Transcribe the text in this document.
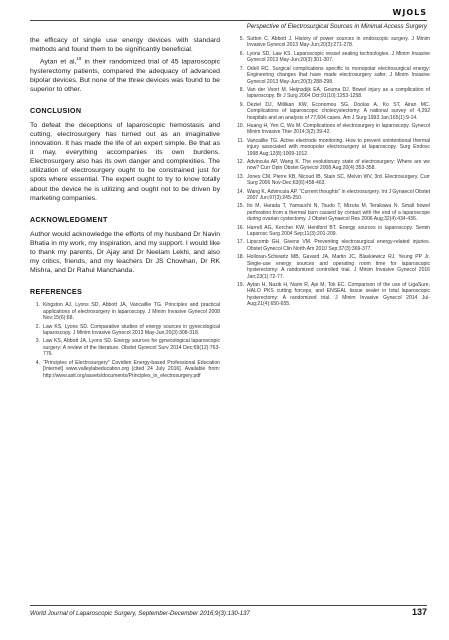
WJOLS
Perspective of Electrosurgical Sources in Minimal Access Surgery

the efficacy of single use energy devices with standard methods and found them to be significantly beneficial.

Aytan et al,$^{19}$ in their randomized trial of 45 laparoscopic hysterectomy patients, compared the adequacy of advanced bipolar devices. But none of the three devices was found to be superior to other.

CONCLUSION

To defeat the deceptions of laparoscopic hemostasis and cutting, electrosurgery has turned out as an imaginative innovation. It has made the life of an expert simple. Be that as it may, everything accompanies its own burdens. Electrosurgery also has its own danger and complexities. The utilization of electrosurgery ought to be constrained just for spots where essential. The expert ought to try to know totally about the device he is utilizing and ought not to be driven by marketing companies.

ACKNOWLEDGMENT

Author would acknowledge the efforts of my husband Dr Navin Bhatia in my work, my inspiration, and my support. I would like to thank my parents, Dr Ajay and Dr Neelam Lekhi, and also my critics, friends, and my teachers Dr JS Chowhan, Dr RK Mishra, and Dr Rahul Manchanda.

REFERENCES
1. Kingston AJ, Lyons SD, Abbott JA, Vancaillie TG. Principles and practical applications of electrosurgery in laparoscopy. J Minim Invasive Gynecol 2008 Nov;15(6):68.
2. Law KS, Lyons SD. Comparative studies of energy sources in gynecological laparoscopy. J Minim Invasive Gynecol 2013 May-Jun;20(3):308-318.
3. Law KS, Abbott JA, Lyons SD. Energy sources for gynecological laparoscopic surgery: A review of the literature. Obstet Gynecol Surv 2014 Dec;69(12):763-776.
4. “Principles of Electrosurgery” Covidien Energy-based Professional Education [Internet] www.valleylabeducation.org [cited 24 July 2016]. Available from: http://www.asit.org/assets/documents/Principles_in_electrosurgery.pdf
5. Sutton C, Abbott J. History of power sources in endoscopic surgery. J Minim Invasive Gynecol 2013 May-Jun;20(3):271-278.
6. Lyons SD, Law KS. Laparoscopic vessel sealing technologies. J Minim Invasive Gynecol 2013 May-Jun;20(3):301-307.
7. Odell RC. Surgical complications specific to monopolar electrosurgical energy: Engineering changes that have made electrosurgery safer. J Minim Invasive Gynecol 2013 May-Jun;20(3):288-298.
8. Van der Voort M, Heijnsdijk EA, Gouma DJ. Bowel injury as a complication of laparoscopy. Br J Surg 2004 Oct;91(10):1253-1258.
9. Deziel DJ, Millikan KW, Economou SG, Doolas A, Ko ST, Airan MC. Complications of laparoscopic cholecystectomy: A national survey of 4,292 hospitals and an analysis of 77,604 cases. Am J Surg 1993 Jan;165(1):9-14.
10. Huang H, Yen C, Wu M. Complications of electrosurgery in laparoscopy. Gynecol Minim Invasive Ther 2014;3(2):39-42.
11. Vancaillie TG. Active electrode monitoring. How to prevent unintentional thermal injury associated with monopolar electrosurgery at laparoscopy. Surg Endosc 1998 Aug;12(8):1009-1012.
12. Advincula AP, Wang K. The evolutionary state of electrosurgery: Where are we now? Curr Opin Obstet Gynecol 2008 Aug;20(4):353-358.
13. Jones CM, Pierre KB, Nicoud IB, Stain SC, Melvin WV, 3rd. Electrosurgery. Curr Surg 2006 Nov-Dec;63(6):458-463.
14. Wang K, Advincula AP. “Current thoughts” in electrosurgery. Int J Gynaecol Obstet 2007 Jun;97(3):245-250.
15. Ito M, Harada T, Yamauchi N, Tsudo T, Mizuta M, Terakawa N. Small bowel perforation from a thermal burn caused by contact with the end of a laparoscope during ovarian cystectomy. J Obstet Gynaecol Res 2006 Aug;32(4):434-436.
16. Harrell AG, Kercher KW, Heniford BT. Energy sources in laparoscopy. Semin Laparosc Surg 2004 Sep;11(3):201-209.
17. Lipscomb GH, Givens VM. Preventing electrosurgical energy-related injuries. Obstet Gynecol Clin North Am 2010 Sep;37(3):369-377.
18. Holloran-Schwartz MB, Gavard JA, Martin JC, Blaskiewicz RJ, Yeung PP Jr. Single-use energy sources and operating room time for laparoscopic hysterectomy: A randomized controlled trial. J Minim Invasive Gynecol 2016 Jan;23(1):72-77.
19. Aytan H, Nazik H, Narin R, Api M, Tok EC. Comparison of the use of LigaSure, HALO PKS cutting forceps, and ENSEAL tissue sealer in total laparoscopic hysterectomy: A randomized trial. J Minim Invasive Gynecol 2014 Jul-Aug;21(4):650-655.
World Journal of Laparoscopic Surgery, September-December 2016;9(3):130-137	137
